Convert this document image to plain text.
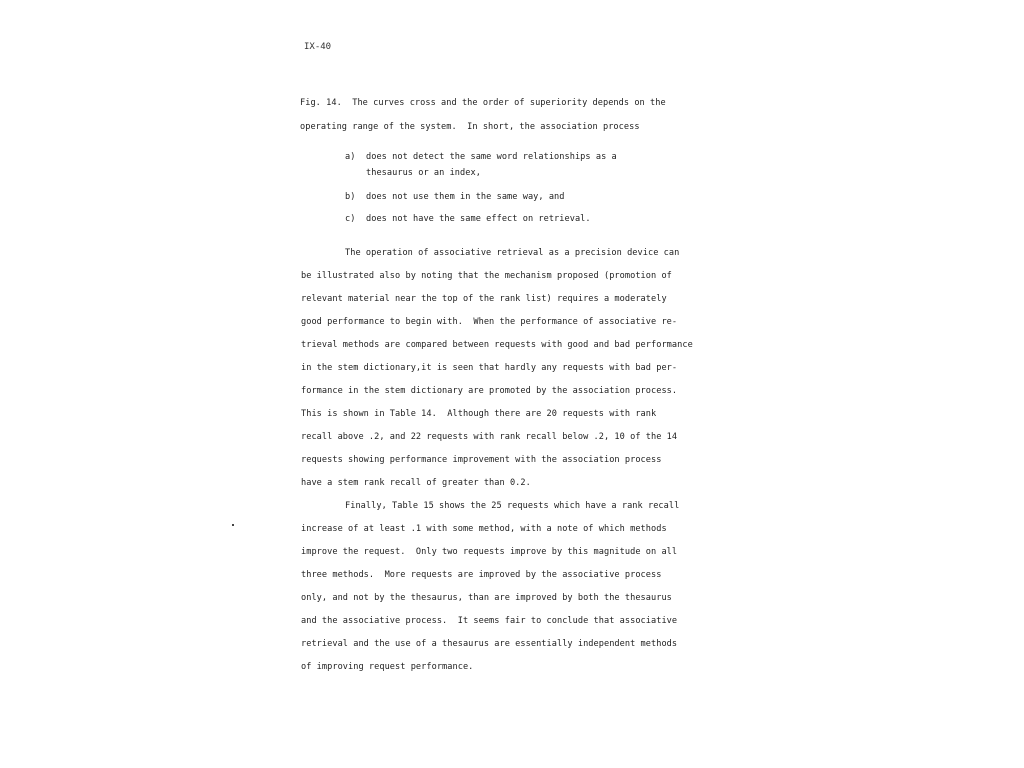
IX-40
Fig. 14.  The curves cross and the order of superiority depends on the
operating range of the system.  In short, the association process
a) does not detect the same word relationships as a
thesaurus or an index,
b) does not use them in the same way, and
c) does not have the same effect on retrieval.
The operation of associative retrieval as a precision device can
be illustrated also by noting that the mechanism proposed (promotion of
relevant material near the top of the rank list) requires a moderately
good performance to begin with.  When the performance of associative re-
trieval methods are compared between requests with good and bad performance
in the stem dictionary,it is seen that hardly any requests with bad per-
formance in the stem dictionary are promoted by the association process.
This is shown in Table 14.  Although there are 20 requests with rank
recall above .2, and 22 requests with rank recall below .2, 10 of the 14
requests showing performance improvement with the association process
have a stem rank recall of greater than 0.2.
Finally, Table 15 shows the 25 requests which have a rank recall
increase of at least .1 with some method, with a note of which methods
improve the request.  Only two requests improve by this magnitude on all
three methods.  More requests are improved by the associative process
only, and not by the thesaurus, than are improved by both the thesaurus
and the associative process.  It seems fair to conclude that associative
retrieval and the use of a thesaurus are essentially independent methods
of improving request performance.
